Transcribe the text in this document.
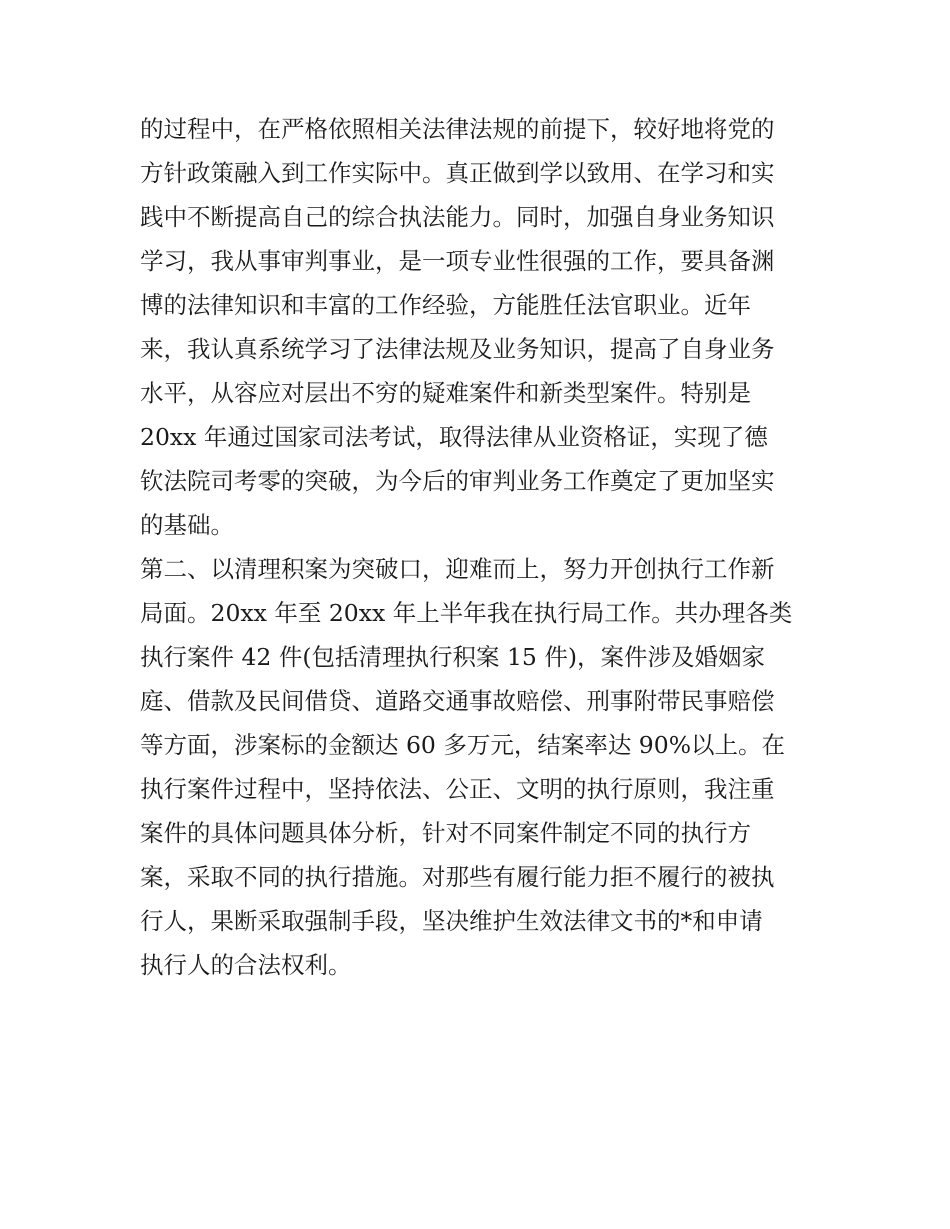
的过程中，在严格依照相关法律法规的前提下，较好地将党的

方针政策融入到工作实际中。真正做到学以致用、在学习和实

践中不断提高自己的综合执法能力。同时，加强自身业务知识

学习，我从事审判事业，是一项专业性很强的工作，要具备渊

博的法律知识和丰富的工作经验，方能胜任法官职业。近年

来，我认真系统学习了法律法规及业务知识，提高了自身业务

水平，从容应对层出不穷的疑难案件和新类型案件。特别是

20xx 年通过国家司法考试，取得法律从业资格证，实现了德

钦法院司考零的突破，为今后的审判业务工作奠定了更加坚实

的基础。

第二、以清理积案为突破口，迎难而上，努力开创执行工作新

局面。20xx 年至 20xx 年上半年我在执行局工作。共办理各类

执行案件 42 件(包括清理执行积案 15 件)，案件涉及婚姻家

庭、借款及民间借贷、道路交通事故赔偿、刑事附带民事赔偿

等方面，涉案标的金额达 60 多万元，结案率达 90%以上。在

执行案件过程中，坚持依法、公正、文明的执行原则，我注重

案件的具体问题具体分析，针对不同案件制定不同的执行方

案，采取不同的执行措施。对那些有履行能力拒不履行的被执

行人，果断采取强制手段，坚决维护生效法律文书的*和申请

执行人的合法权利。
